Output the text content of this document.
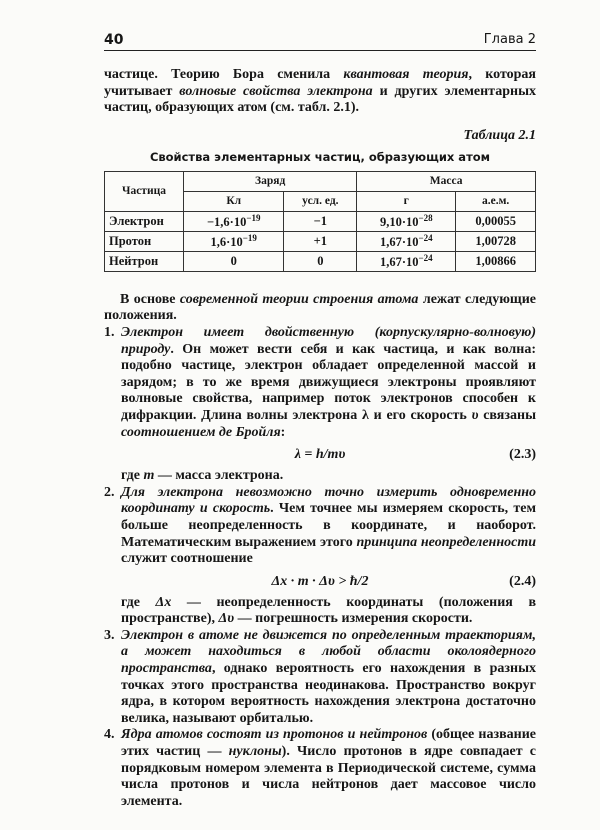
40	Глава 2
частице. Теорию Бора сменила квантовая теория, которая учитывает волновые свойства электрона и других элементарных частиц, образующих атом (см. табл. 2.1).
Таблица 2.1
Свойства элементарных частиц, образующих атом
Частица	Заряд		Масса	
	Кл	усл. ед.	г	а.е.м.
Электрон	$-1,6\cdot 10^{-19}$	−1	$9,10\cdot 10^{-28}$	0,00055
Протон	$1,6\cdot 10^{-19}$	+1	$1,67\cdot 10^{-24}$	1,00728
Нейтрон	0	0	$1,67\cdot 10^{-24}$	1,00866
В основе современной теории строения атома лежат следующие положения.
1. Электрон имеет двойственную (корпускулярно-волновую) природу. Он может вести себя и как частица, и как волна: подобно частице, электрон обладает определенной массой и зарядом; в то же время движущиеся электроны проявляют волновые свойства, например поток электронов способен к дифракции. Длина волны электрона λ и его скорость υ связаны соотношением де Бройля:
λ = h/mυ	(2.3)
где m — масса электрона.
2. Для электрона невозможно точно измерить одновременно координату и скорость. Чем точнее мы измеряем скорость, тем больше неопределенность в координате, и наоборот. Математическим выражением этого принципа неопределенности служит соотношение
Δx · m · Δυ > ħ/2	(2.4)
где Δx — неопределенность координаты (положения в пространстве), Δυ — погрешность измерения скорости.
3. Электрон в атоме не движется по определенным траекториям, а может находиться в любой области околоядерного пространства, однако вероятность его нахождения в разных точках этого пространства неодинакова. Пространство вокруг ядра, в котором вероятность нахождения электрона достаточно велика, называют орбиталью.
4. Ядра атомов состоят из протонов и нейтронов (общее название этих частиц — нуклоны). Число протонов в ядре совпадает с порядковым номером элемента в Периодической системе, сумма числа протонов и числа нейтронов дает массовое число элемента.
